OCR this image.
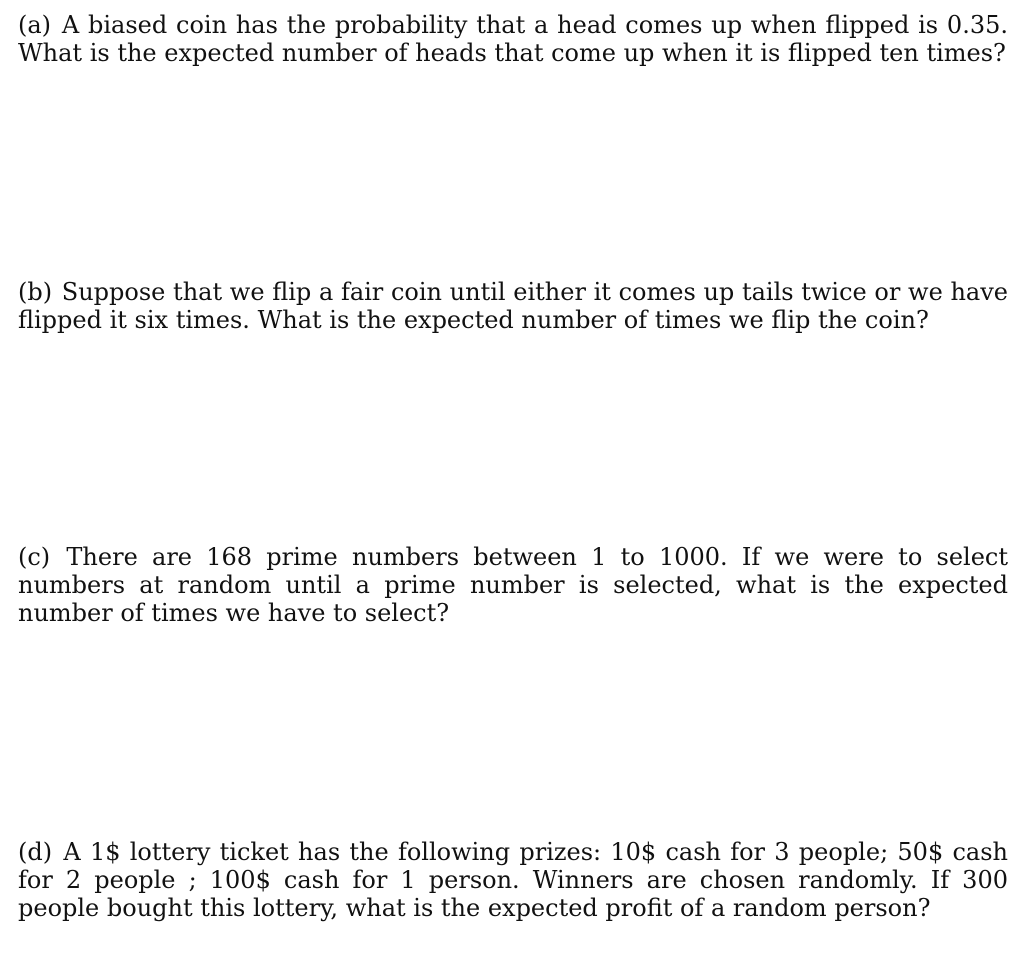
(a) A biased coin has the probability that a head comes up when flipped is 0.35. What is the expected number of heads that come up when it is flipped ten times?

(b) Suppose that we flip a fair coin until either it comes up tails twice or we have flipped it six times. What is the expected number of times we flip the coin?

(c) There are 168 prime numbers between 1 to 1000. If we were to select numbers at random until a prime number is selected, what is the expected number of times we have to select?

(d) A 1$ lottery ticket has the following prizes: 10$ cash for 3 people; 50$ cash for 2 people ; 100$ cash for 1 person. Winners are chosen randomly. If 300 people bought this lottery, what is the expected profit of a random person?
